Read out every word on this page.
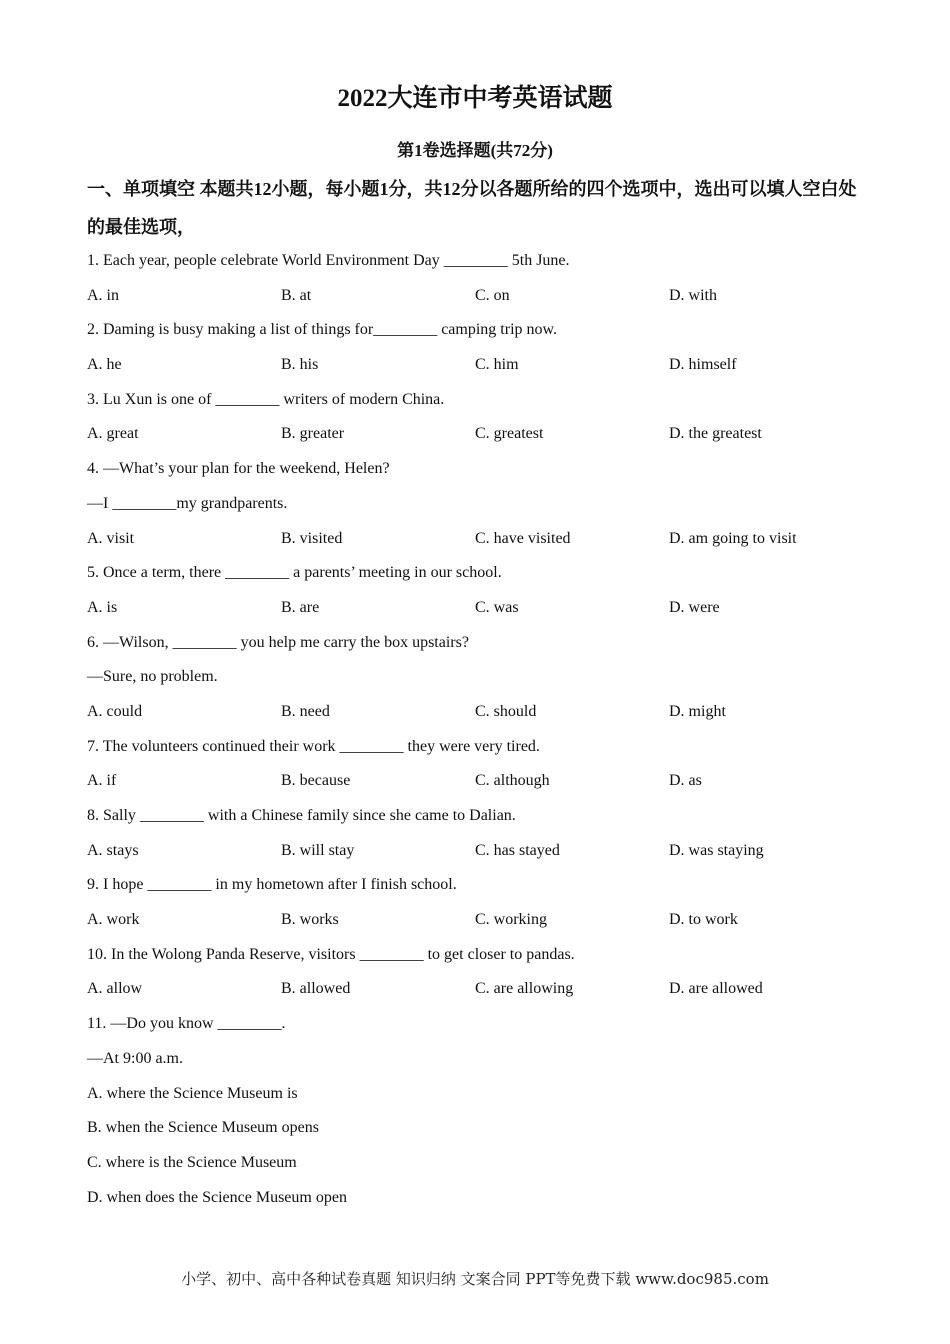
2022大连市中考英语试题
第1卷选择题(共72分)
一、单项填空 本题共12小题，每小题1分，共12分以各题所给的四个选项中，选出可以填人空白处的最佳选项，
1. Each year, people celebrate World Environment Day ________ 5th June.
A. in	B. at	C. on	D. with
2. Daming is busy making a list of things for________ camping trip now.
A. he	B. his	C. him	D. himself
3. Lu Xun is one of ________ writers of modern China.
A. great	B. greater	C. greatest	D. the greatest
4. —What’s your plan for the weekend, Helen?
—I ________my grandparents.
A. visit	B. visited	C. have visited	D. am going to visit
5. Once a term, there ________ a parents’ meeting in our school.
A. is	B. are	C. was	D. were
6. —Wilson, ________ you help me carry the box upstairs?
—Sure, no problem.
A. could	B. need	C. should	D. might
7. The volunteers continued their work ________ they were very tired.
A. if	B. because	C. although	D. as
8. Sally ________ with a Chinese family since she came to Dalian.
A. stays	B. will stay	C. has stayed	D. was staying
9. I hope ________ in my hometown after I finish school.
A. work	B. works	C. working	D. to work
10. In the Wolong Panda Reserve, visitors ________ to get closer to pandas.
A. allow	B. allowed	C. are allowing	D. are allowed
11. —Do you know ________.
—At 9:00 a.m.
A. where the Science Museum is
B. when the Science Museum opens
C. where is the Science Museum
D. when does the Science Museum open
小学、初中、高中各种试卷真题 知识归纳 文案合同 PPT等免费下载 www.doc985.com
